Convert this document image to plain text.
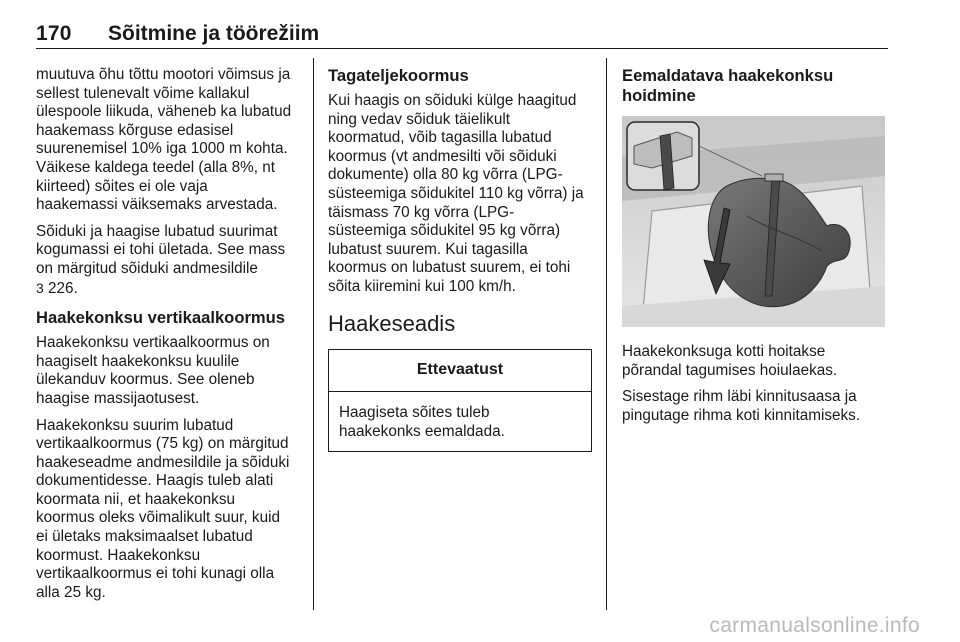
170 Sõitmine ja töörežiim

muutuva õhu tõttu mootori võimsus ja
sellest tulenevalt võime kallakul
ülespoole liikuda, väheneb ka lubatud
haakemass kõrguse edasisel
suurenemisel 10% iga 1000 m kohta.
Väikese kaldega teedel (alla 8%, nt
kiirteed) sõites ei ole vaja
haakemassi väiksemaks arvestada.

Sõiduki ja haagise lubatud suurimat
kogumassi ei tohi ületada. See mass
on märgitud sõiduki andmesildile
3 226.

Haakekonksu vertikaalkoormus

Haakekonksu vertikaalkoormus on
haagiselt haakekonksu kuulile
ülekanduv koormus. See oleneb
haagise massijaotusest.

Haakekonksu suurim lubatud
vertikaalkoormus (75 kg) on märgitud
haakeseadme andmesildile ja sõiduki
dokumentidesse. Haagis tuleb alati
koormata nii, et haakekonksu
koormus oleks võimalikult suur, kuid
ei ületaks maksimaalset lubatud
koormust. Haakekonksu
vertikaalkoormus ei tohi kunagi olla
alla 25 kg.

Tagateljekoormus

Kui haagis on sõiduki külge haagitud
ning vedav sõiduk täielikult
koormatud, võib tagasilla lubatud
koormus (vt andmesilti või sõiduki
dokumente) olla 80 kg võrra (LPG-
süsteemiga sõidukitel 110 kg võrra) ja
täismass 70 kg võrra (LPG-
süsteemiga sõidukitel 95 kg võrra)
lubatust suurem. Kui tagasilla
koormus on lubatust suurem, ei tohi
sõita kiiremini kui 100 km/h.

Haakeseadis
Ettevaatust
Haagiseta sõites tuleb
haakekonks eemaldada.
Eemaldatava haakekonksu
hoidmine

Haakekonksuga kotti hoitakse
põrandal tagumises hoiulaekas.

Sisestage rihm läbi kinnitusaasa ja
pingutage rihma koti kinnitamiseks.

carmanualsonline.info
